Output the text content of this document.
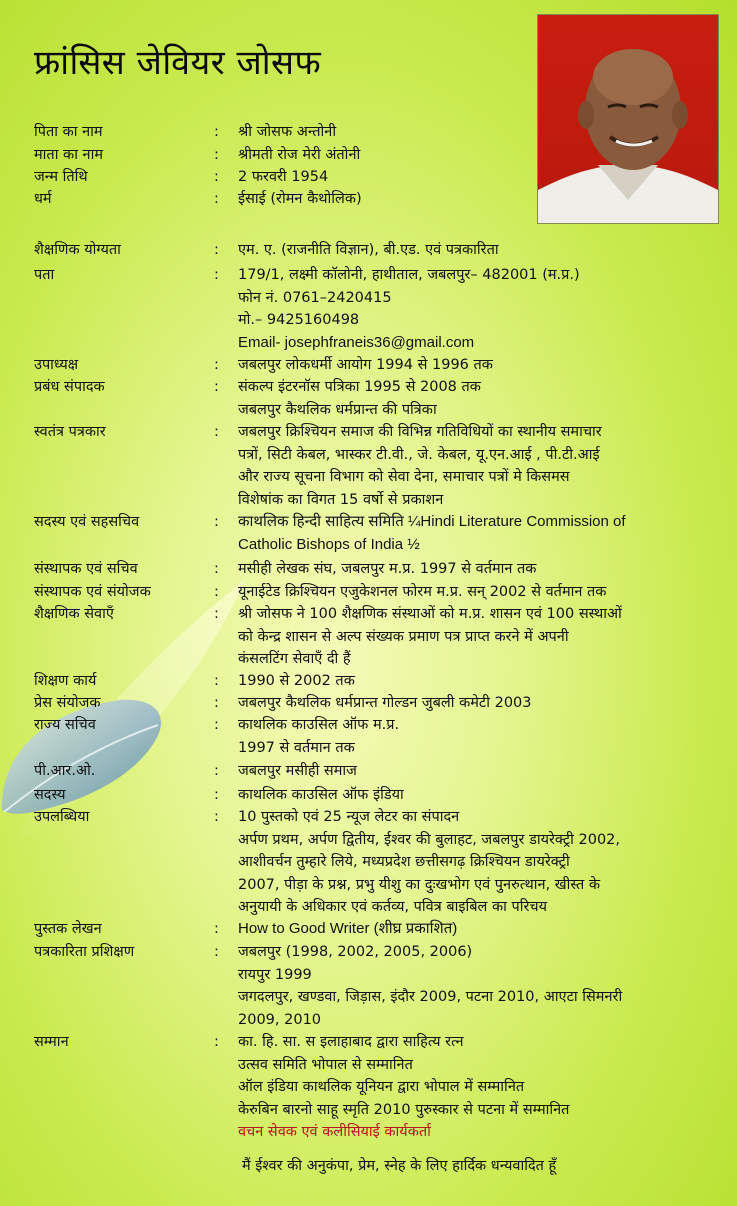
फ्रांसिस जेवियर जोसफ
पिता का नाम	: श्री जोसफ अन्तोनी
माता का नाम	: श्रीमती रोज मेरी अंतोनी
जन्म तिथि	: 2 फरवरी 1954
धर्म	: ईसाई (रोमन कैथोलिक)
शैक्षणिक योग्यता	: एम. ए. (राजनीति विज्ञान), बी.एड. एवं पत्रकारिता
पता	: 179/1, लक्ष्मी कॉलोनी, हाथीताल, जबलपुर– 482001 (म.प्र.)
फोन नं. 0761–2420415
मो.– 9425160498
Email- josephfraneis36@gmail.com
उपाध्यक्ष	: जबलपुर लोकधर्मी आयोग 1994 से 1996 तक
प्रबंध संपादक	: संकल्प इंटरनॉस पत्रिका 1995 से 2008 तक
जबलपुर कैथलिक धर्मप्रान्त की पत्रिका
स्वतंत्र पत्रकार	: जबलपुर क्रिश्चियन समाज की विभिन्न गतिविधियों का स्थानीय समाचार
पत्रों, सिटी केबल, भास्कर टी.वी., जे. केबल, यू.एन.आई , पी.टी.आई
और राज्य सूचना विभाग को सेवा देना, समाचार पत्रों मे किसमस
विशेषांक का विगत 15 वर्षो से प्रकाशन
सदस्य एवं सहसचिव	: काथलिक हिन्दी साहित्य समिति ¼Hindi Literature Commission of
Catholic Bishops of India ½
संस्थापक एवं सचिव	: मसीही लेखक संघ, जबलपुर म.प्र. 1997 से वर्तमान तक
संस्थापक एवं संयोजक	: यूनाईटेड क्रिश्चियन एजुकेशनल फोरम म.प्र. सन् 2002 से वर्तमान तक
शैक्षणिक सेवाएँ	: श्री जोसफ ने 100 शैक्षणिक संस्थाओं को म.प्र. शासन एवं 100 सस्थाओं
को केन्द्र शासन से अल्प संख्यक प्रमाण पत्र प्राप्त करने में अपनी
कंसलटिंग सेवाएँ दी हैं
शिक्षण कार्य	: 1990 से 2002 तक
प्रेस संयोजक	: जबलपुर कैथलिक धर्मप्रान्त गोल्डन जुबली कमेटी 2003
राज्य सचिव	: काथलिक काउसिल ऑफ म.प्र.
1997 से वर्तमान तक
पी.आर.ओ.	: जबलपुर मसीही समाज
सदस्य	: काथलिक काउसिल ऑफ इंडिया
उपलब्धिया	: 10 पुस्तको एवं 25 न्यूज लेटर का संपादन
अर्पण प्रथम, अर्पण द्वितीय, ईश्वर की बुलाहट, जबलपुर डायरेक्ट्री 2002,
आशीवर्चन तुम्हारे लिये, मध्यप्रदेश छत्तीसगढ़ क्रिश्चियन डायरेक्ट्री
2007, पीड़ा के प्रश्न, प्रभु यीशु का दुःखभोग एवं पुनरुत्थान, खीस्त के
अनुयायी के अधिकार एवं कर्तव्य, पवित्र बाइबिल का परिचय
पुस्तक लेखन	: How to Good Writer (शीघ्र प्रकाशित)
पत्रकारिता प्रशिक्षण	: जबलपुर (1998, 2002, 2005, 2006)
रायपुर 1999
जगदलपुर, खण्डवा, जिड़ास, इंदौर 2009, पटना 2010, आएटा सिमनरी
2009, 2010
सम्मान	: का. हि. सा. स इलाहाबाद द्वारा साहित्य रत्न
उत्सव समिति भोपाल से सम्मानित
ऑल इंडिया काथलिक यूनियन द्वारा भोपाल में सम्मानित
केरुबिन बारनो साहू स्मृति 2010 पुरुस्कार से पटना में सम्मानित
वचन सेवक एवं कलीसियाई कार्यकर्ता
मैं ईश्वर की अनुकंपा, प्रेम, स्नेह के लिए हार्दिक धन्यवादित हूँ
